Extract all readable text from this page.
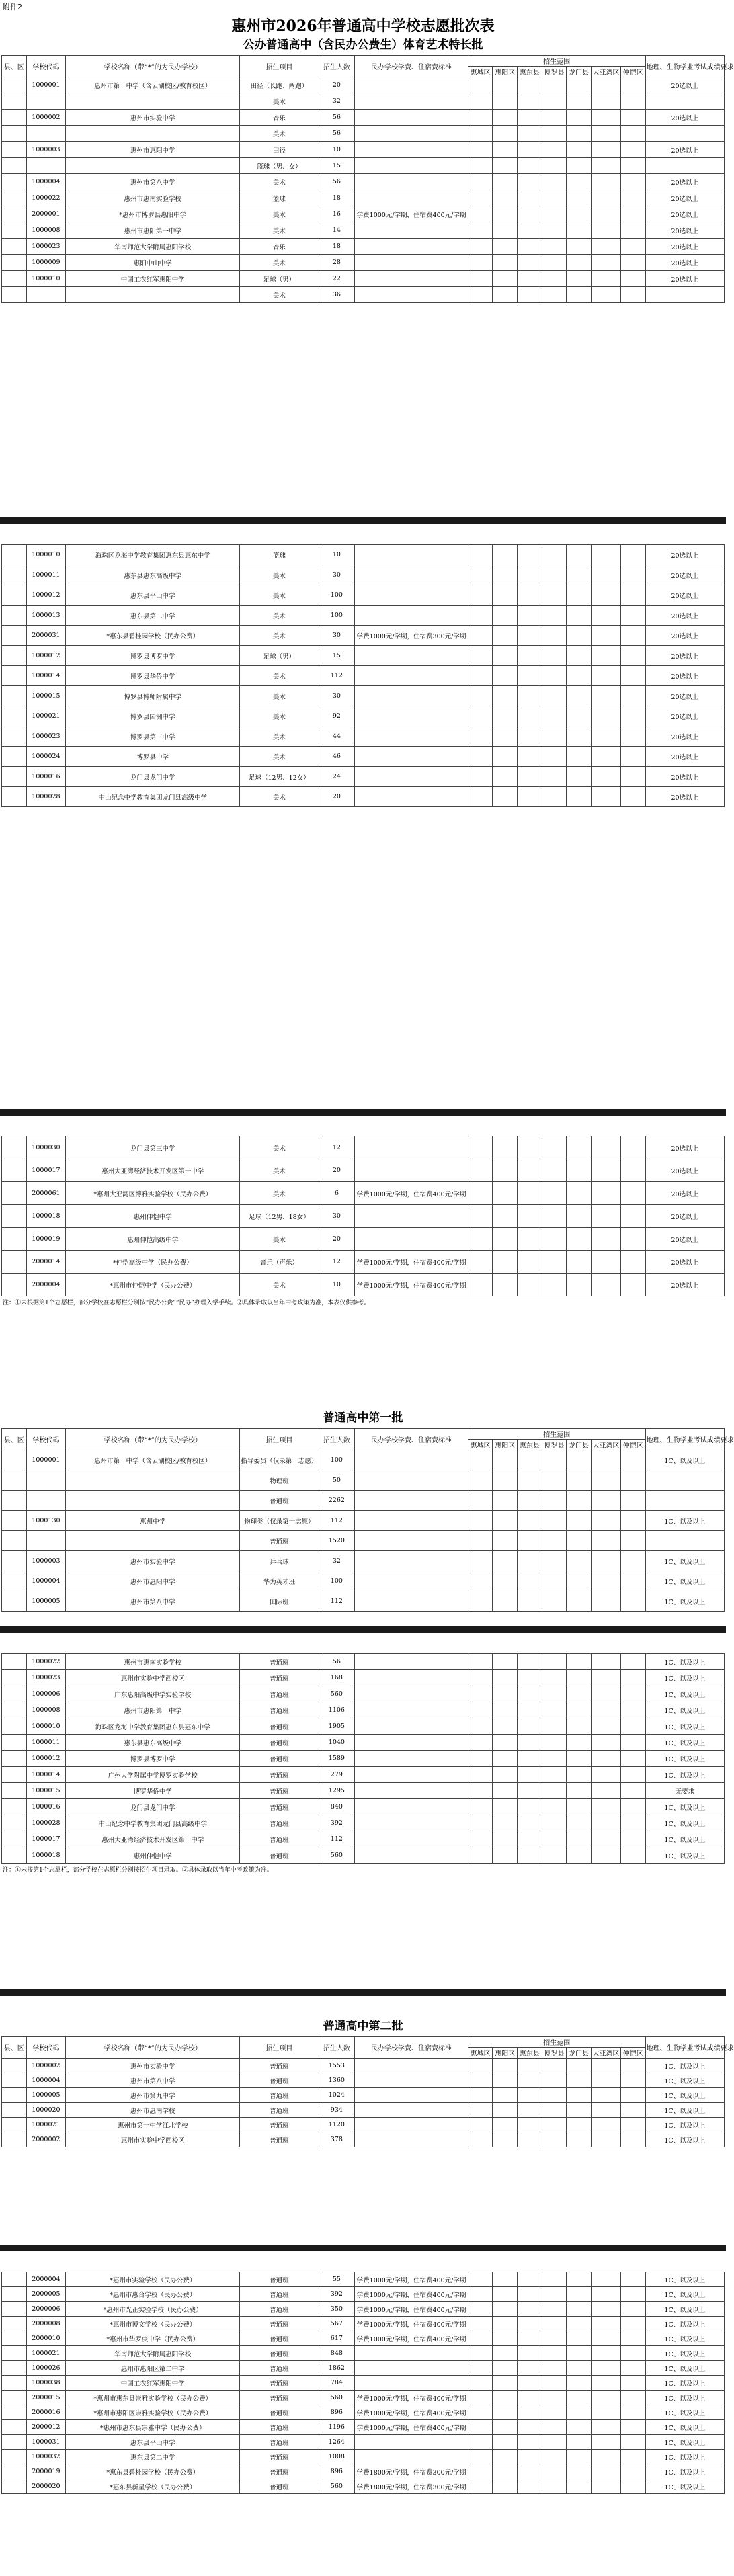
附件2
惠州市2026年普通高中学校志愿批次表
公办普通高中（含民办公费生）体育艺术特长批
县、区	学校代码	学校名称（带“*”的为民办学校）	招生项目	招生人数	民办学校学费、住宿费标准	招生范围							地理、生物学业考试成绩要求
						惠城区	惠阳区	惠东县	博罗县	龙门县	大亚湾区	仲恺区	
	1000001	惠州市第一中学（含云湖校区/教育校区）	田径（长跑、两跑）	20									20选以上
			美术	32									
	1000002	惠州市实验中学	音乐	56									20选以上
			美术	56									
	1000003	惠州市惠阳中学	田径	10									20选以上
			篮球（男、女）	15									
	1000004	惠州市第八中学	美术	56									20选以上
	1000022	惠州市惠南实验学校	篮球	18									20选以上
	2000001	*惠州市博罗县惠阳中学	美术	16	学费1000元/学期，住宿费400元/学期								20选以上
	1000008	惠州市惠阳第一中学	美术	14									20选以上
	1000023	华南师范大学附属惠阳学校	音乐	18									20选以上
	1000009	惠阳中山中学	美术	28									20选以上
	1000010	中国工农红军惠阳中学	足球（男）	22									20选以上
			美术	36									
	1000010	海珠区龙海中学教育集团惠东县惠东中学	篮球	10									20选以上
	1000011	惠东县惠东高级中学	美术	30									20选以上
	1000012	惠东县平山中学	美术	100									20选以上
	1000013	惠东县第二中学	美术	100									20选以上
	2000031	*惠东县碧桂园学校（民办公费）	美术	30	学费1000元/学期，住宿费300元/学期								20选以上
	1000012	博罗县博罗中学	足球（男）	15									20选以上
	1000014	博罗县华侨中学	美术	112									20选以上
	1000015	博罗县博师附属中学	美术	30									20选以上
	1000021	博罗县园洲中学	美术	92									20选以上
	1000023	博罗县第三中学	美术	44									20选以上
	1000024	博罗县中学	美术	46									20选以上
	1000016	龙门县龙门中学	足球（12男、12女）	24									20选以上
	1000028	中山纪念中学教育集团龙门县高级中学	美术	20									20选以上
	1000030	龙门县第三中学	美术	12									20选以上
	1000017	惠州大亚湾经济技术开发区第一中学	美术	20									20选以上
	2000061	*惠州大亚湾区博雅实验学校（民办公费）	美术	6	学费1000元/学期，住宿费400元/学期								20选以上
	1000018	惠州仲恺中学	足球（12男、18女）	30									20选以上
	1000019	惠州仲恺高级中学	美术	20									20选以上
	2000014	*仲恺高级中学（民办公费）	音乐（声乐）	12	学费1000元/学期，住宿费400元/学期								20选以上
	2000004	*惠州市仲恺中学（民办公费）	美术	10	学费1000元/学期，住宿费400元/学期								20选以上
注：①未根据第1个志愿栏，部分学校在志愿栏分别按“民办公费”“民办”办理入学手续。②具体录取以当年中考政策为准，本表仅供参考。
普通高中第一批
县、区	学校代码	学校名称（带“*”的为民办学校）	招生项目	招生人数	民办学校学费、住宿费标准	招生范围							地理、生物学业考试成绩要求
						惠城区	惠阳区	惠东县	博罗县	龙门县	大亚湾区	仲恺区	
	1000001	惠州市第一中学（含云湖校区/教育校区）	指导委员（仅录第一志愿）	100									1C、以及以上
			物理班	50									
			普通班	2262									
	1000130	惠州中学	物理类（仅录第一志愿）	112									1C、以及以上
			普通班	1520									
	1000003	惠州市实验中学	乒乓球	32									1C、以及以上
	1000004	惠州市惠阳中学	华为英才班	100									1C、以及以上
	1000005	惠州市第八中学	国际班	112									1C、以及以上
	1000022	惠州市惠南实验学校	普通班	56									1C、以及以上
	1000023	惠州市实验中学西校区	普通班	168									1C、以及以上
	1000006	广东惠阳高级中学实验学校	普通班	560									1C、以及以上
	1000008	惠州市惠阳第一中学	普通班	1106									1C、以及以上
	1000010	海珠区龙海中学教育集团惠东县惠东中学	普通班	1905									1C、以及以上
	1000011	惠东县惠东高级中学	普通班	1040									1C、以及以上
	1000012	博罗县博罗中学	普通班	1589									1C、以及以上
	1000014	广州大学附属中学博罗实验学校	普通班	279									1C、以及以上
	1000015	博罗华侨中学	普通班	1295									无要求
	1000016	龙门县龙门中学	普通班	840									1C、以及以上
	1000028	中山纪念中学教育集团龙门县高级中学	普通班	392									1C、以及以上
	1000017	惠州大亚湾经济技术开发区第一中学	普通班	112									1C、以及以上
	1000018	惠州仲恺中学	普通班	560									1C、以及以上
注：①未按第1个志愿栏，部分学校在志愿栏分别按招生项目录取。②具体录取以当年中考政策为准。
普通高中第二批
县、区	学校代码	学校名称（带“*”的为民办学校）	招生项目	招生人数	民办学校学费、住宿费标准	招生范围							地理、生物学业考试成绩要求
						惠城区	惠阳区	惠东县	博罗县	龙门县	大亚湾区	仲恺区	
	1000002	惠州市实验中学	普通班	1553									1C、以及以上
	1000004	惠州市第八中学	普通班	1360									1C、以及以上
	1000005	惠州市第九中学	普通班	1024									1C、以及以上
	1000020	惠州市惠南学校	普通班	934									1C、以及以上
	1000021	惠州市第一中学江北学校	普通班	1120									1C、以及以上
	2000002	惠州市实验中学西校区	普通班	378									1C、以及以上
	2000004	*惠州市实验学校（民办公费）	普通班	55	学费1000元/学期，住宿费400元/学期								1C、以及以上
	2000005	*惠州市惠台学校（民办公费）	普通班	392	学费1000元/学期，住宿费400元/学期								1C、以及以上
	2000006	*惠州市光正实验学校（民办公费）	普通班	350	学费1000元/学期，住宿费400元/学期								1C、以及以上
	2000008	*惠州市博文学校（民办公费）	普通班	567	学费1000元/学期，住宿费400元/学期								1C、以及以上
	2000010	*惠州市华罗庚中学（民办公费）	普通班	617	学费1000元/学期，住宿费400元/学期								1C、以及以上
	1000021	华南师范大学附属惠阳学校	普通班	848									1C、以及以上
	1000026	惠州市惠阳区第二中学	普通班	1862									1C、以及以上
	1000038	中国工农红军惠阳中学	普通班	784									1C、以及以上
	2000015	*惠州市惠东县崇雅实验学校（民办公费）	普通班	560	学费1000元/学期，住宿费400元/学期								1C、以及以上
	2000016	*惠州市惠阳区崇雅实验学校（民办公费）	普通班	896	学费1000元/学期，住宿费400元/学期								1C、以及以上
	2000012	*惠州市惠东县崇雅中学（民办公费）	普通班	1196	学费1000元/学期，住宿费400元/学期								1C、以及以上
	1000031	惠东县平山中学	普通班	1264									1C、以及以上
	1000032	惠东县第二中学	普通班	1008									1C、以及以上
	2000019	*惠东县碧桂园学校（民办公费）	普通班	896	学费1800元/学期，住宿费300元/学期								1C、以及以上
	2000020	*惠东县新星学校（民办公费）	普通班	560	学费1800元/学期，住宿费300元/学期								1C、以及以上
